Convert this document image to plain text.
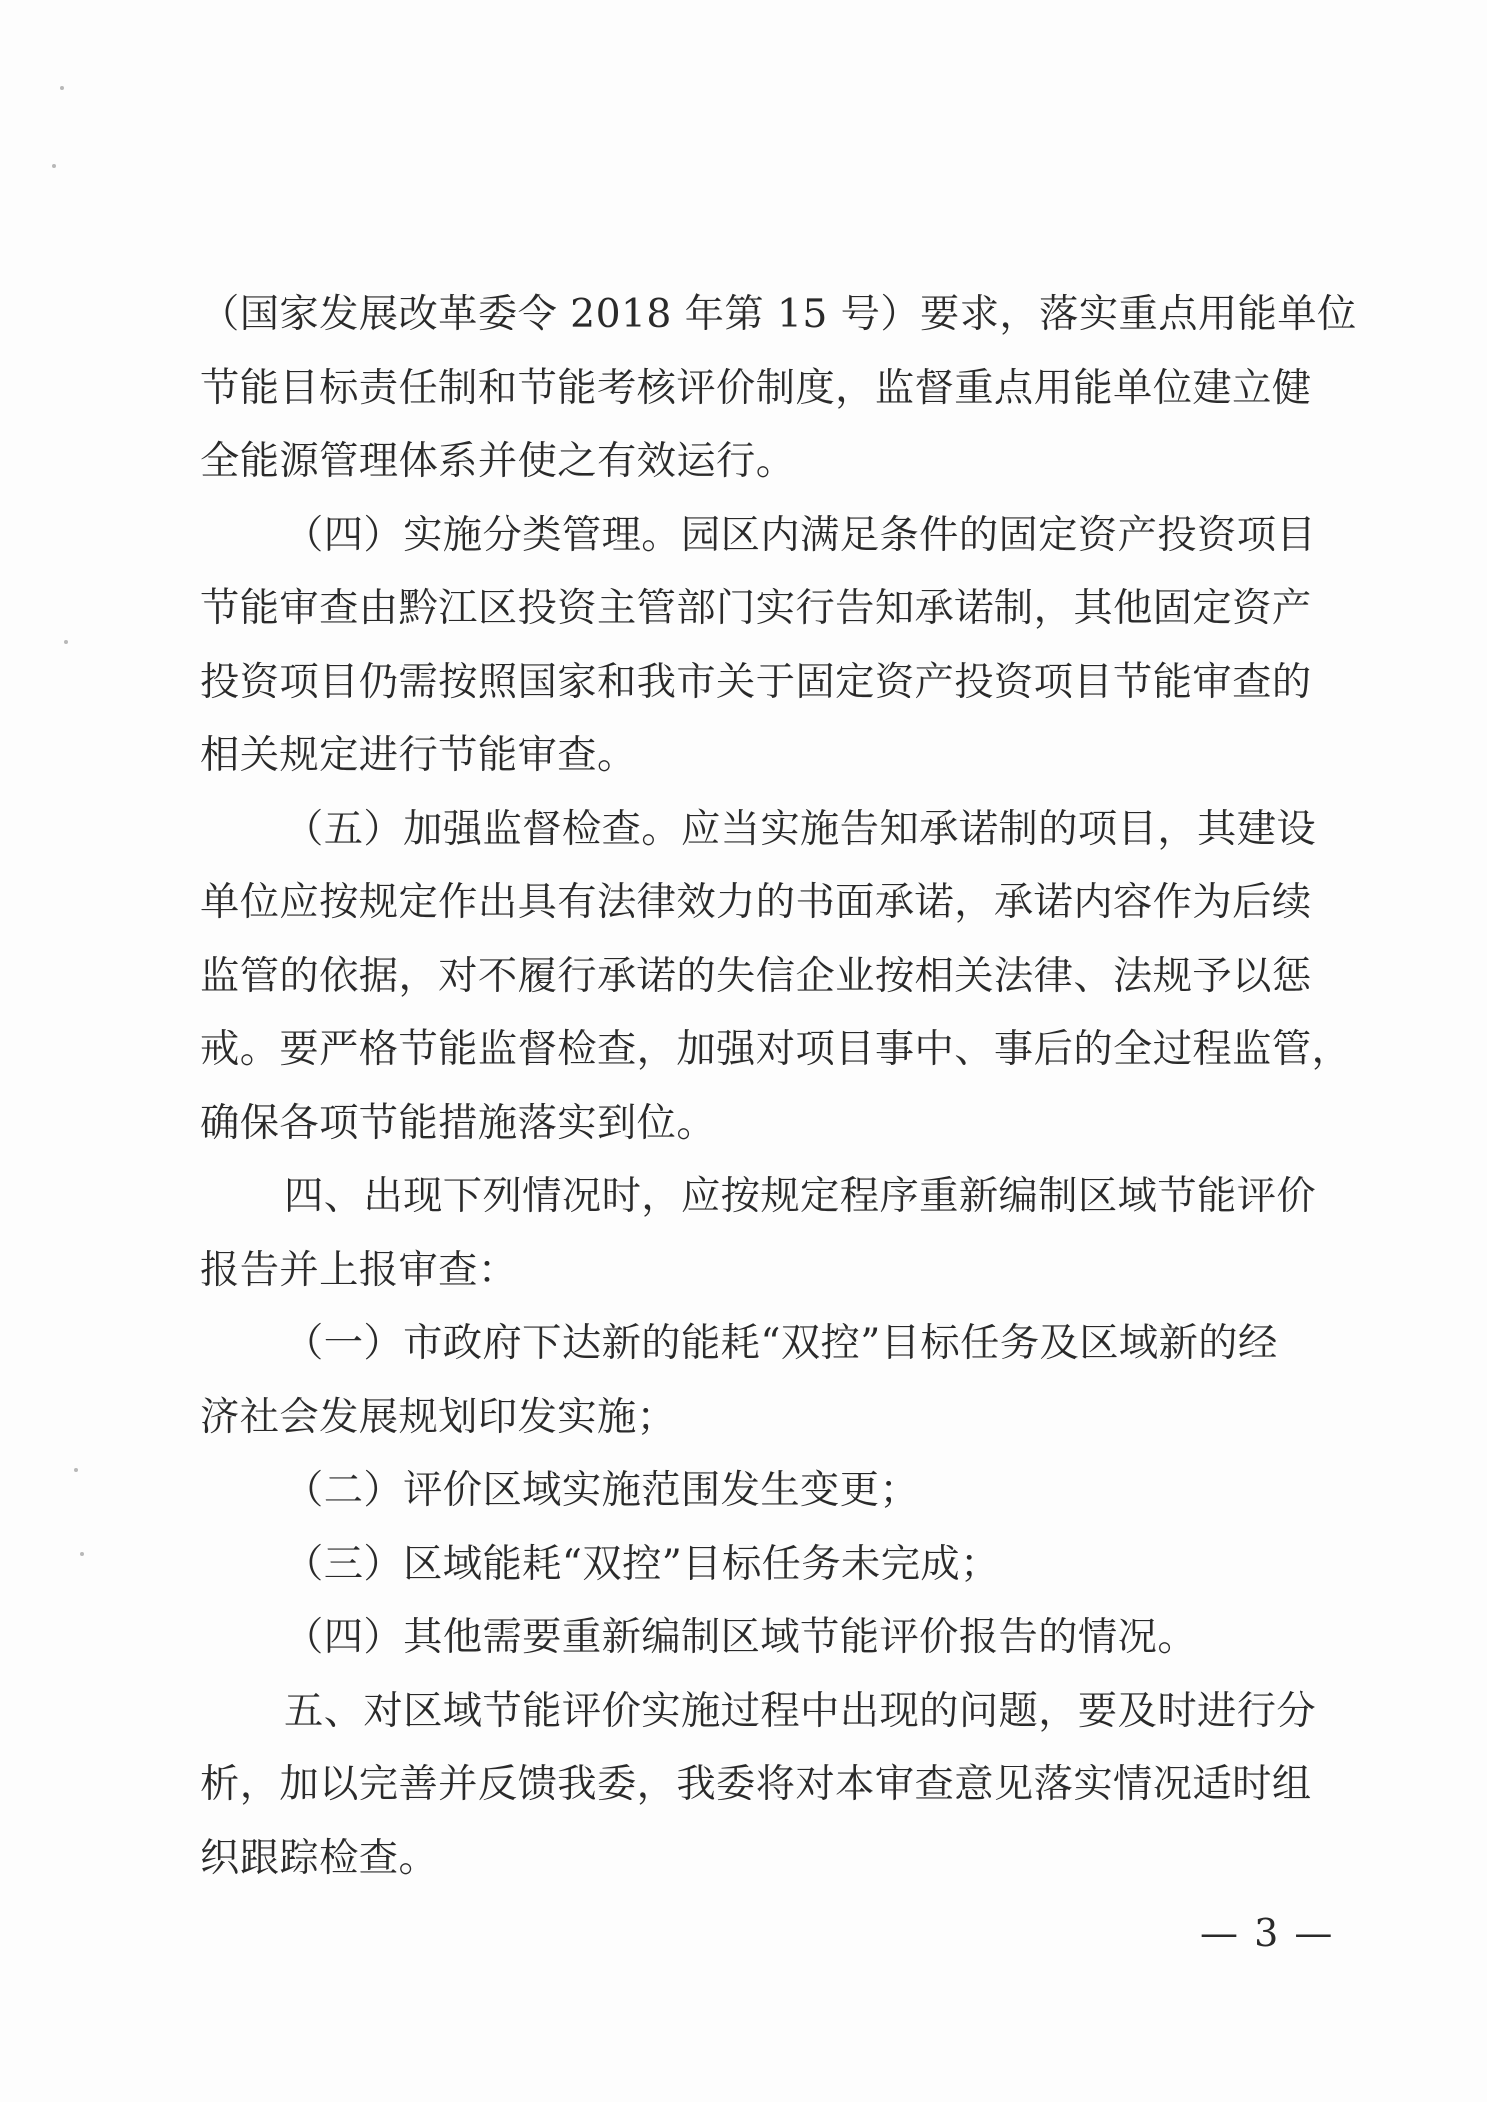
（国家发展改革委令 2018 年第 15 号）要求，落实重点用能单位
节能目标责任制和节能考核评价制度，监督重点用能单位建立健
全能源管理体系并使之有效运行。
（四）实施分类管理。园区内满足条件的固定资产投资项目
节能审查由黔江区投资主管部门实行告知承诺制，其他固定资产
投资项目仍需按照国家和我市关于固定资产投资项目节能审查的
相关规定进行节能审查。
（五）加强监督检查。应当实施告知承诺制的项目，其建设
单位应按规定作出具有法律效力的书面承诺，承诺内容作为后续
监管的依据，对不履行承诺的失信企业按相关法律、法规予以惩
戒。要严格节能监督检查，加强对项目事中、事后的全过程监管，
确保各项节能措施落实到位。
四、出现下列情况时，应按规定程序重新编制区域节能评价
报告并上报审查：
（一）市政府下达新的能耗“双控”目标任务及区域新的经
济社会发展规划印发实施；
（二）评价区域实施范围发生变更；
（三）区域能耗“双控”目标任务未完成；
（四）其他需要重新编制区域节能评价报告的情况。
五、对区域节能评价实施过程中出现的问题，要及时进行分
析，加以完善并反馈我委，我委将对本审查意见落实情况适时组
织跟踪检查。
— 3 —
